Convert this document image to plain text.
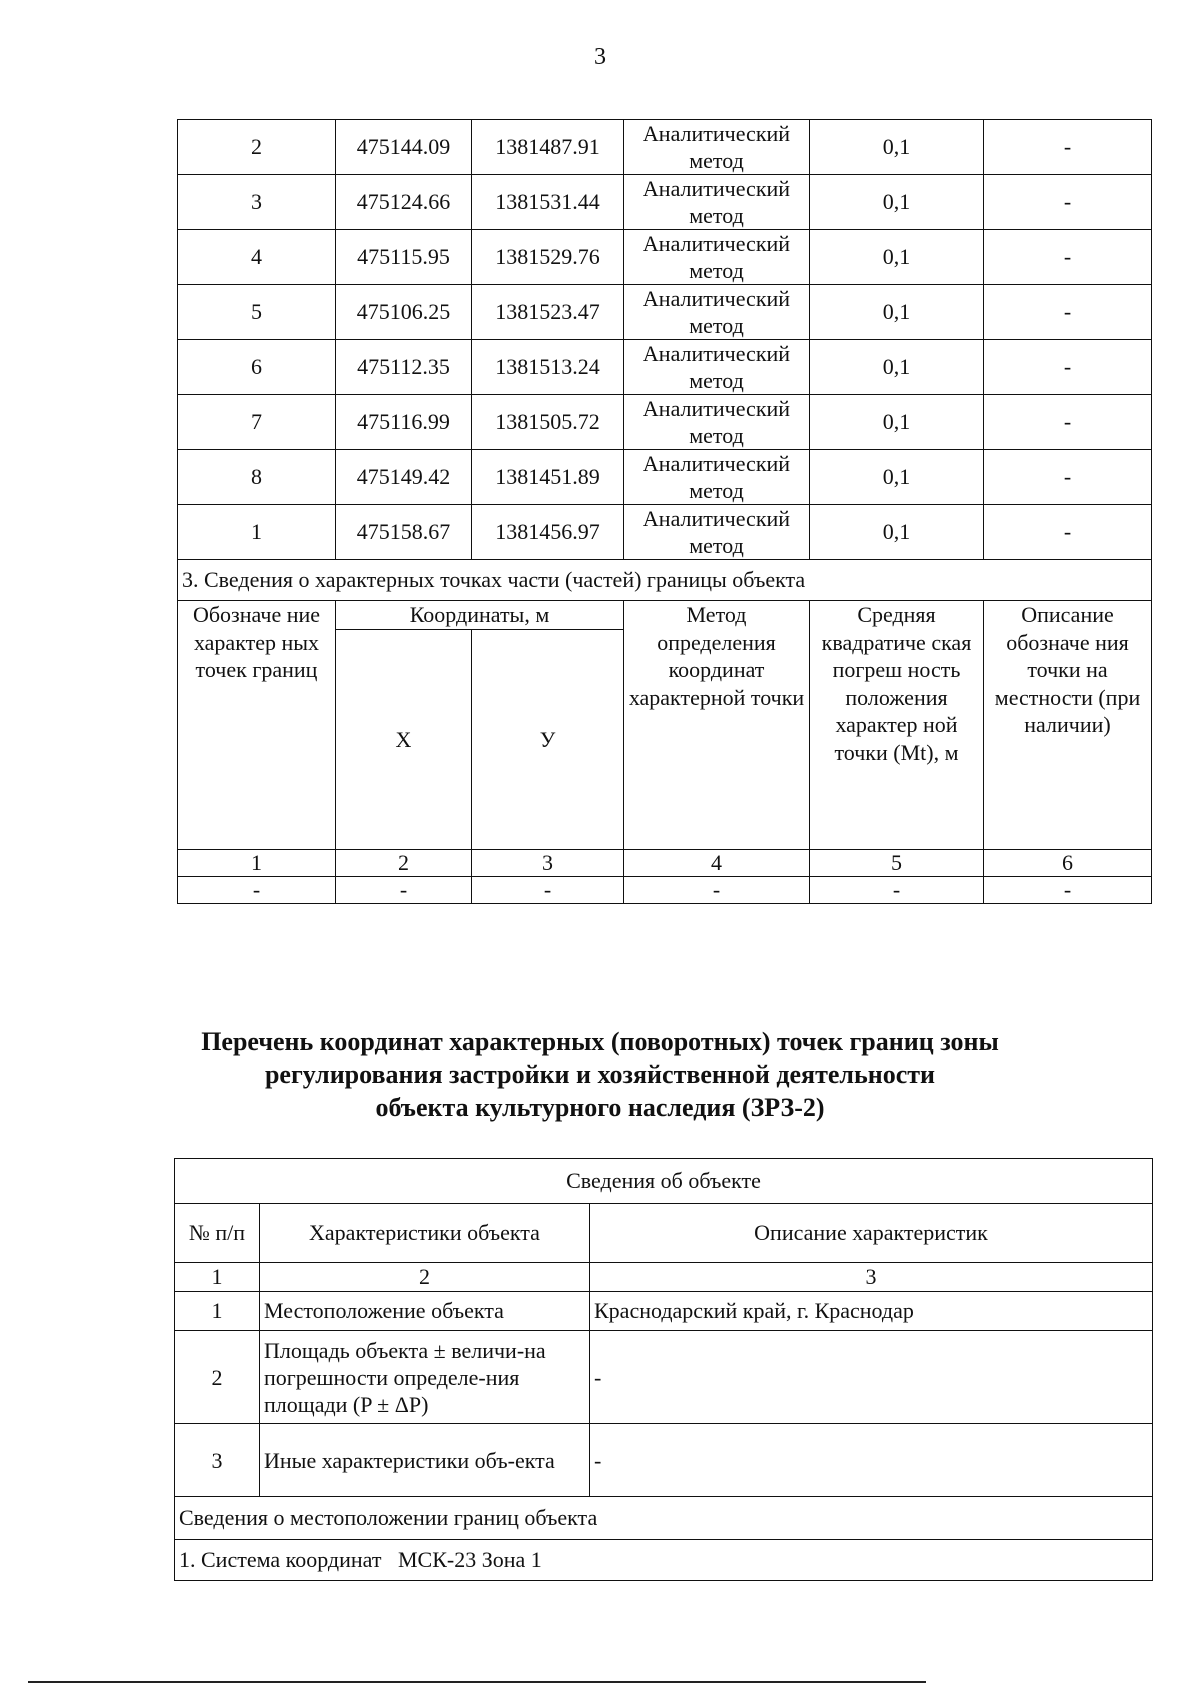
3
2	475144.09	1381487.91	Аналитический метод	0,1	-
3	475124.66	1381531.44	Аналитический метод	0,1	-
4	475115.95	1381529.76	Аналитический метод	0,1	-
5	475106.25	1381523.47	Аналитический метод	0,1	-
6	475112.35	1381513.24	Аналитический метод	0,1	-
7	475116.99	1381505.72	Аналитический метод	0,1	-
8	475149.42	1381451.89	Аналитический метод	0,1	-
1	475158.67	1381456.97	Аналитический метод	0,1	-
3. Сведения о характерных точках части (частей) границы объекта					
Обозначе ние характер ных точек границ	Координаты, м		Метод определения координат характерной точки	Средняя квадратиче ская погреш ность положения характер ной точки (Mt), м	Описание обозначе ния точки на местности (при наличии)
	X	У			
1	2	3	4	5	6
-	-	-	-	-	-
Перечень координат характерных (поворотных) точек границ зоны
регулирования застройки и хозяйственной деятельности
объекта культурного наследия (ЗРЗ-2)
Сведения об объекте		
№ п/п	Характеристики объекта	Описание характеристик
1	2	3
1	Местоположение объекта	Краснодарский край, г. Краснодар
2	Площадь объекта ± величи-на погрешности определе-ния площади (P ± ΔP)	-
3	Иные характеристики объ-екта	-
Сведения о местоположении границ объекта		
1. Система координат   МСК-23 Зона 1		
